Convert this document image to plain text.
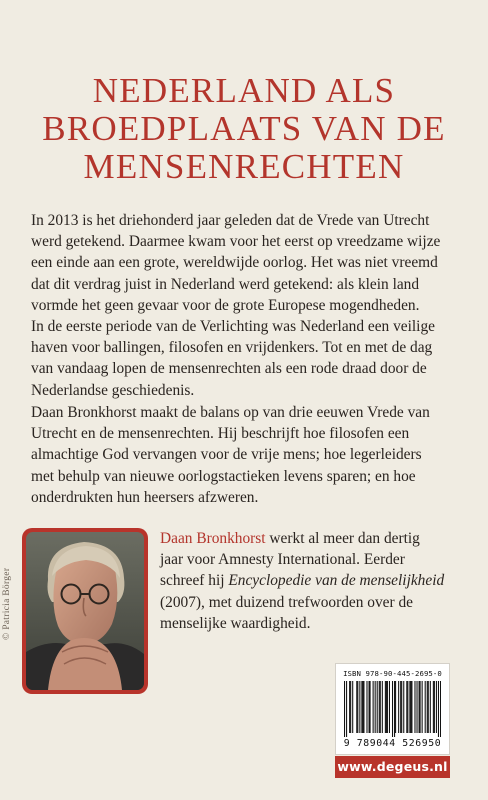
NEDERLAND ALS
BROEDPLAATS VAN DE
MENSENRECHTEN
In 2013 is het driehonderd jaar geleden dat de Vrede van Utrecht
werd getekend. Daarmee kwam voor het eerst op vreedzame wijze
een einde aan een grote, wereldwijde oorlog. Het was niet vreemd
dat dit verdrag juist in Nederland werd getekend: als klein land
vormde het geen gevaar voor de grote Europese mogendheden.
In de eerste periode van de Verlichting was Nederland een veilige
haven voor ballingen, filosofen en vrijdenkers. Tot en met de dag
van vandaag lopen de mensenrechten als een rode draad door de
Nederlandse geschiedenis.
Daan Bronkhorst maakt de balans op van drie eeuwen Vrede van
Utrecht en de mensenrechten. Hij beschrijft hoe filosofen een
almachtige God vervangen voor de vrije mens; hoe legerleiders
met behulp van nieuwe oorlogstactieken levens sparen; en hoe
onderdrukten hun heersers afzweren.
© Patricia Börger
Daan Bronkhorst werkt al meer dan dertig
jaar voor Amnesty International. Eerder
schreef hij Encyclopedie van de menselijkheid
(2007), met duizend trefwoorden over de
menselijke waardigheid.
ISBN 978-90-445-2695-0
9 789044 526950
www.degeus.nl
